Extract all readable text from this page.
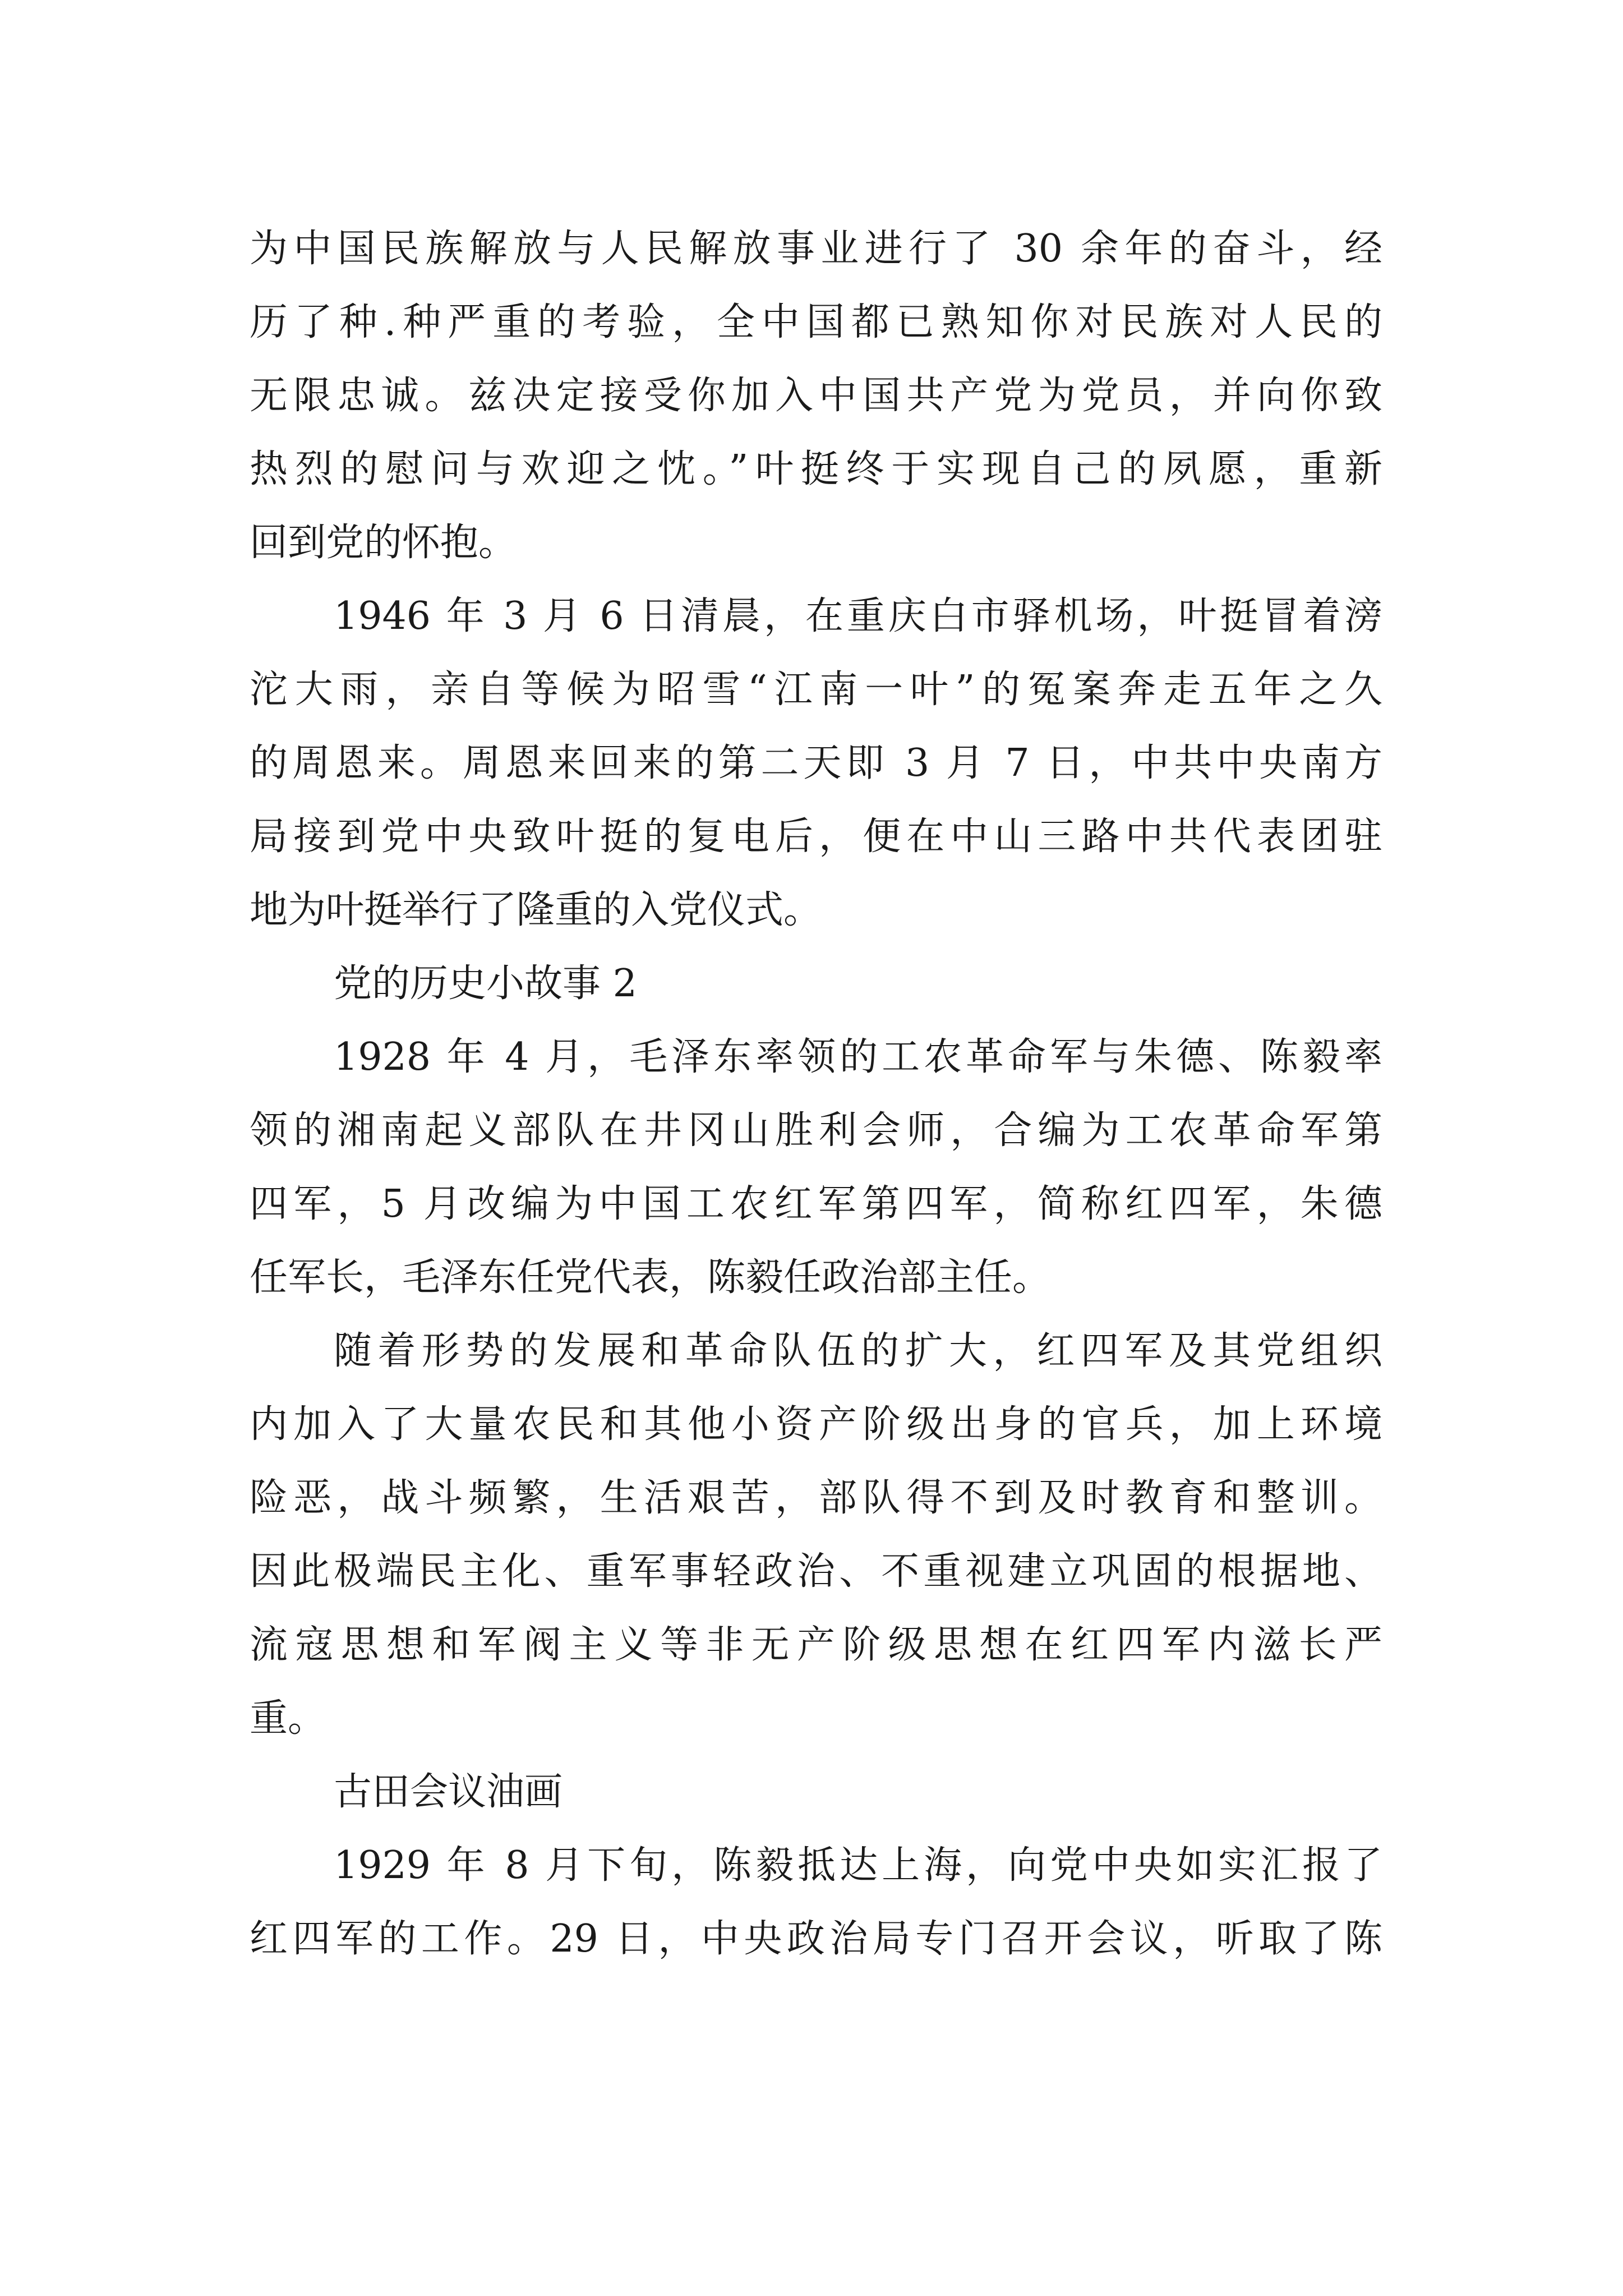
为中国民族解放与人民解放事业进行了 30 余年的奋斗，经
历了种.种严重的考验，全中国都已熟知你对民族对人民的
无限忠诚。兹决定接受你加入中国共产党为党员，并向你致
热烈的慰问与欢迎之忱。”叶挺终于实现自己的夙愿，重新
回到党的怀抱。
1946 年 3 月 6 日清晨，在重庆白市驿机场，叶挺冒着滂
沱大雨，亲自等候为昭雪“江南一叶”的冤案奔走五年之久
的周恩来。周恩来回来的第二天即 3 月 7 日，中共中央南方
局接到党中央致叶挺的复电后，便在中山三路中共代表团驻
地为叶挺举行了隆重的入党仪式。
党的历史小故事 2
1928 年 4 月，毛泽东率领的工农革命军与朱德、陈毅率
领的湘南起义部队在井冈山胜利会师，合编为工农革命军第
四军，5 月改编为中国工农红军第四军，简称红四军，朱德
任军长，毛泽东任党代表，陈毅任政治部主任。
随着形势的发展和革命队伍的扩大，红四军及其党组织
内加入了大量农民和其他小资产阶级出身的官兵，加上环境
险恶，战斗频繁，生活艰苦，部队得不到及时教育和整训。
因此极端民主化、重军事轻政治、不重视建立巩固的根据地、
流寇思想和军阀主义等非无产阶级思想在红四军内滋长严
重。
古田会议油画
1929 年 8 月下旬，陈毅抵达上海，向党中央如实汇报了
红四军的工作。29 日，中央政治局专门召开会议，听取了陈
